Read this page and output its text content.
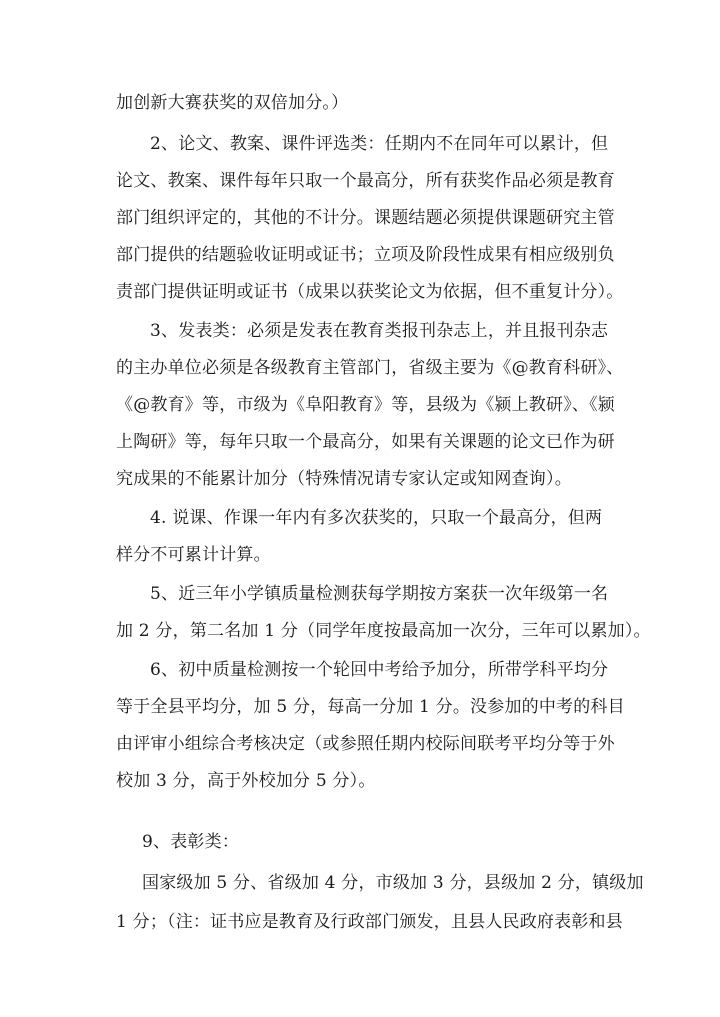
加创新大赛获奖的双倍加分。）
2、论文、教案、课件评选类：任期内不在同年可以累计，但
论文、教案、课件每年只取一个最高分，所有获奖作品必须是教育
部门组织评定的，其他的不计分。课题结题必须提供课题研究主管
部门提供的结题验收证明或证书；立项及阶段性成果有相应级别负
责部门提供证明或证书（成果以获奖论文为依据，但不重复计分）。
3、发表类：必须是发表在教育类报刊杂志上，并且报刊杂志
的主办单位必须是各级教育主管部门，省级主要为《@教育科研》、
《@教育》等，市级为《阜阳教育》等，县级为《颍上教研》、《颍
上陶研》等，每年只取一个最高分，如果有关课题的论文已作为研
究成果的不能累计加分（特殊情况请专家认定或知网查询）。
4. 说课、作课一年内有多次获奖的，只取一个最高分，但两
样分不可累计计算。
5、近三年小学镇质量检测获每学期按方案获一次年级第一名
加 2 分，第二名加 1 分（同学年度按最高加一次分，三年可以累加）。
6、初中质量检测按一个轮回中考给予加分，所带学科平均分
等于全县平均分，加 5 分，每高一分加 1 分。没参加的中考的科目
由评审小组综合考核决定（或参照任期内校际间联考平均分等于外
校加 3 分，高于外校加分 5 分）。
9、表彰类：
国家级加 5 分、省级加 4 分，市级加 3 分，县级加 2 分，镇级加
1 分；（注：证书应是教育及行政部门颁发，且县人民政府表彰和县
